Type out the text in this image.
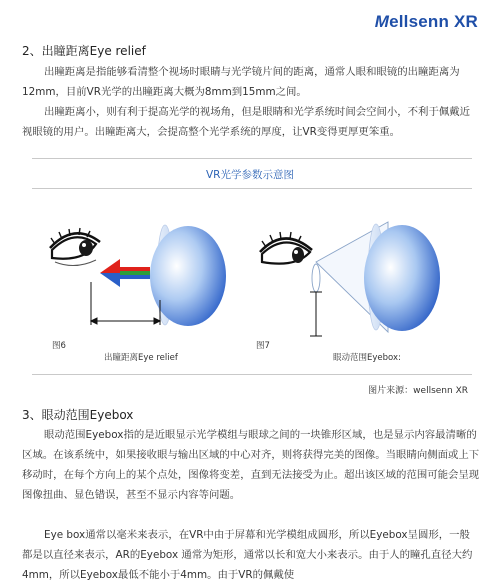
Mellsenn XR
2、出瞳距离Eye relief

出瞳距离是指能够看清整个视场时眼睛与光学镜片间的距离，通常人眼和眼镜的出瞳距离为12mm，目前VR光学的出瞳距离大概为8mm到15mm之间。

出瞳距离小，则有利于提高光学的视场角，但是眼睛和光学系统时间会空间小，不利于佩戴近视眼镜的用户。出瞳距离大，会提高整个光学系统的厚度，让VR变得更厚更笨重。

VR光学参数示意图
图6
出瞳距离Eye relief
图7
眼动范围Eyebox:
图片来源：wellsenn XR
3、眼动范围Eyebox

眼动范围Eyebox指的是近眼显示光学模组与眼球之间的一块锥形区域，也是显示内容最清晰的区域。在该系统中，如果接收眼与输出区域的中心对齐，则将获得完美的图像。当眼睛向侧面或上下移动时，在每个方向上的某个点处，图像将变差，直到无法接受为止。超出该区域的范围可能会呈现图像扭曲、显色错误，甚至不显示内容等问题。

Eye box通常以毫米来表示，在VR中由于屏幕和光学模组成圆形，所以Eyebox呈圆形，一般都是以直径来表示，AR的Eyebox 通常为矩形，通常以长和宽大小来表示。由于人的瞳孔直径大约4mm，所以Eyebox最低不能小于4mm。由于VR的佩戴使
